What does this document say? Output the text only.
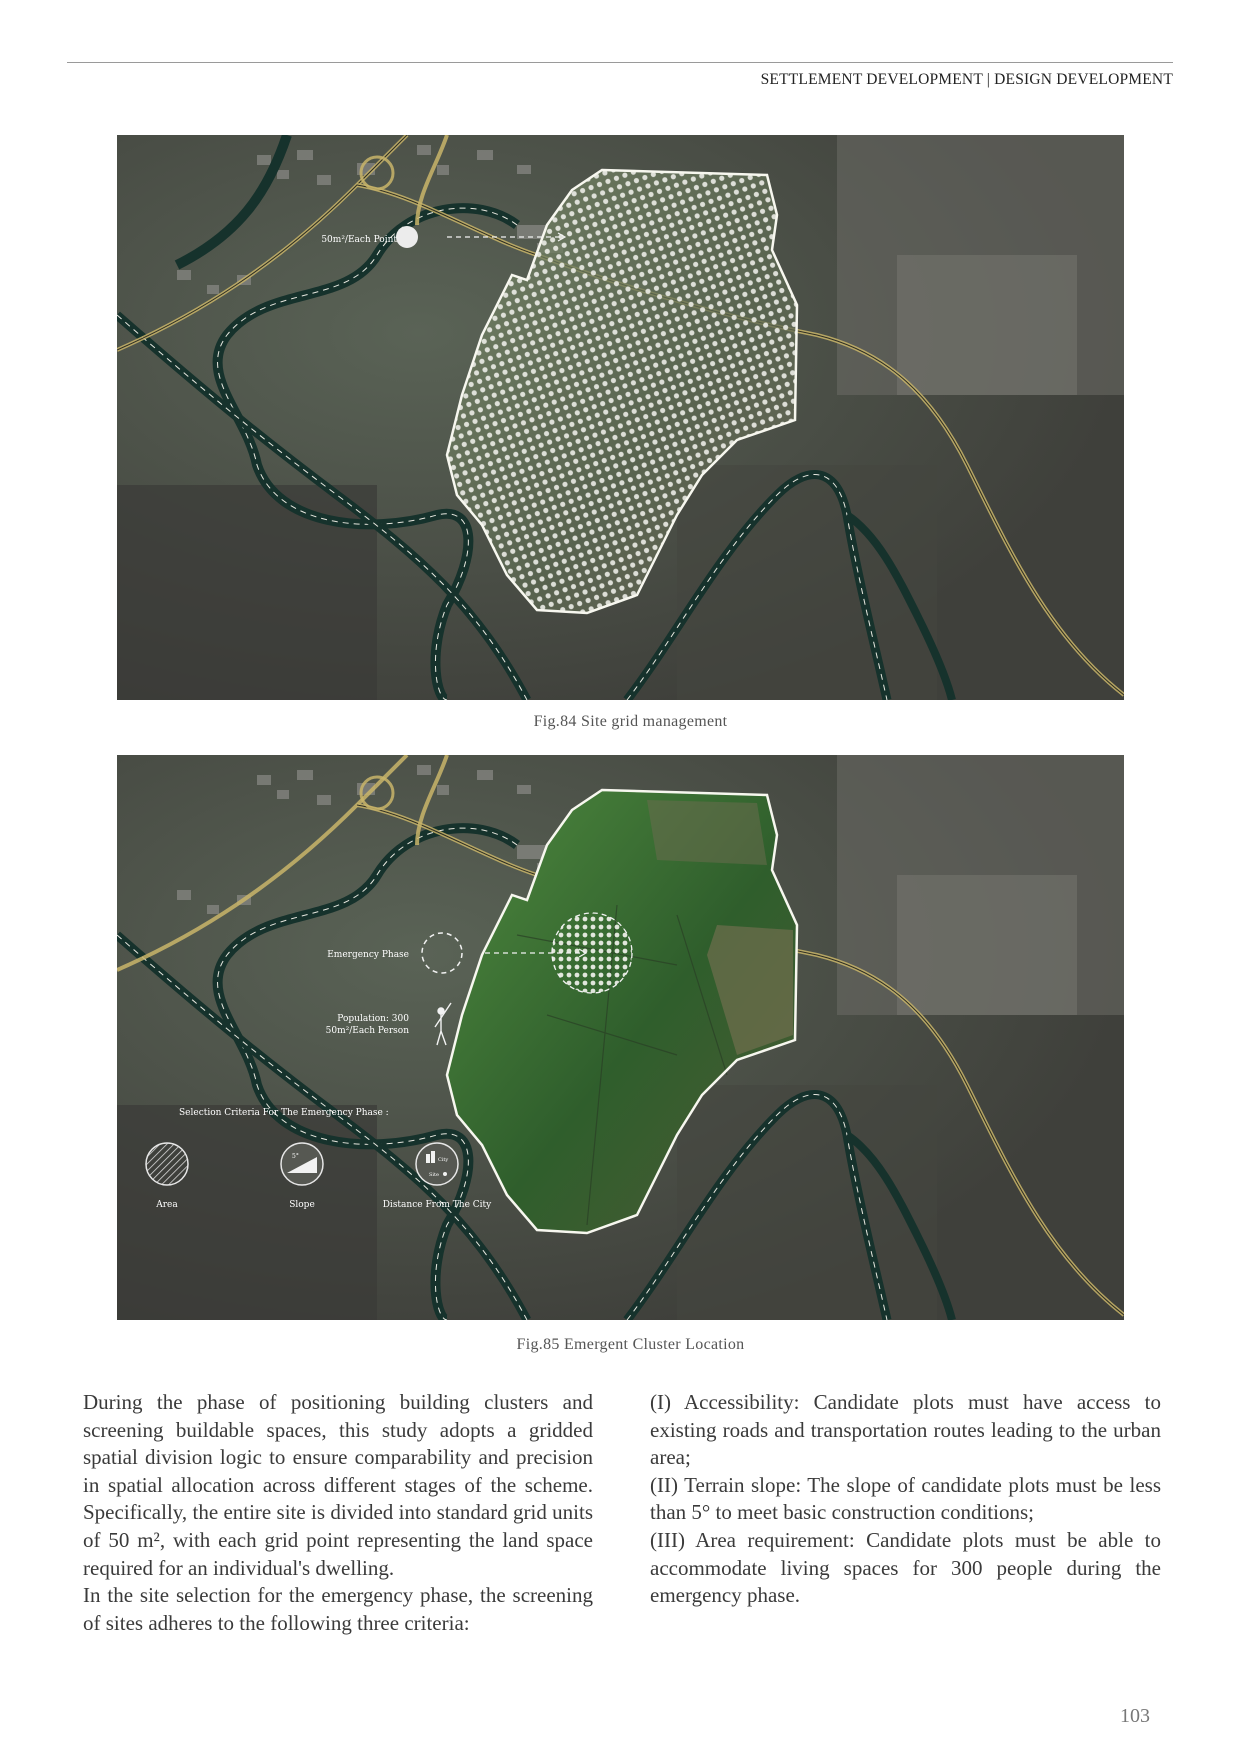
SETTLEMENT DEVELOPMENT | DESIGN DEVELOPMENT
50m²/Each Point
Fig.84 Site grid management
Emergency Phase
Population: 300
50m²/Each Person
Selection Criteria For The Emergency Phase :
Area
5°
Slope
City
Site
Distance From The City
Fig.85 Emergent Cluster Location

During the phase of positioning building clusters and screening buildable spaces, this study adopts a gridded spatial division logic to ensure comparability and precision in spatial allocation across different stages of the scheme. Specifically, the entire site is divided into standard grid units of 50 m², with each grid point representing the land space required for an individual's dwelling.

In the site selection for the emergency phase, the screening of sites adheres to the following three criteria:

(I) Accessibility: Candidate plots must have access to existing roads and transportation routes leading to the urban area;

(II) Terrain slope: The slope of candidate plots must be less than 5° to meet basic construction conditions;

(III) Area requirement: Candidate plots must be able to accommodate living spaces for 300 people during the emergency phase.

103
